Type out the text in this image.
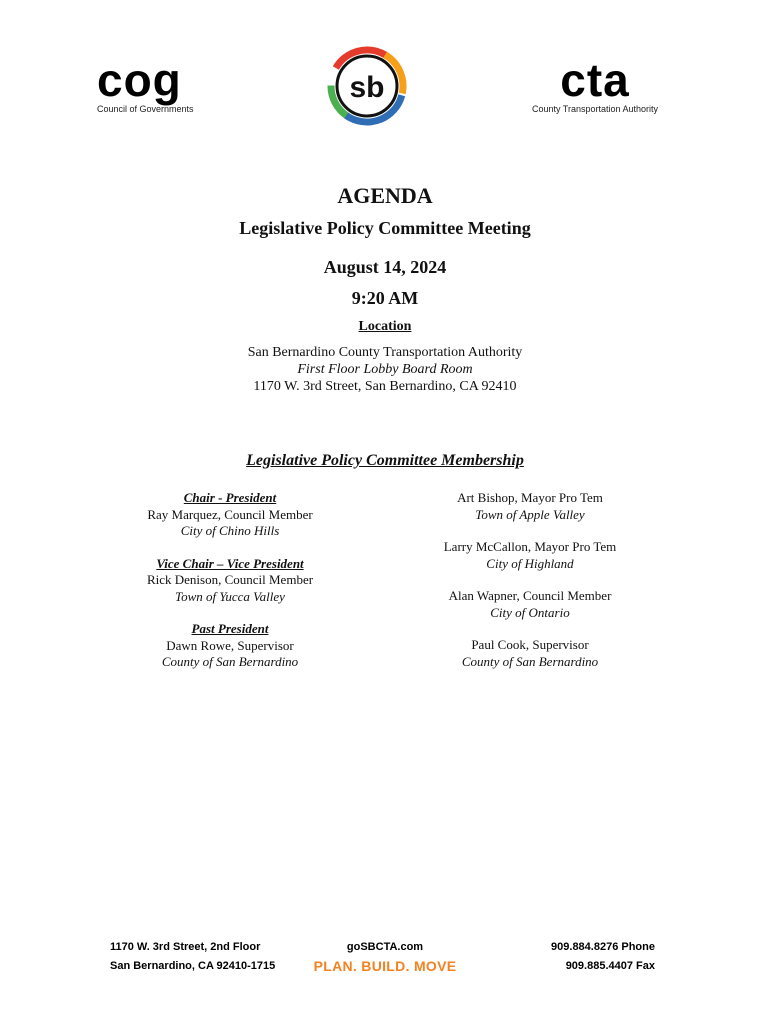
cog
Council of Governments
sb	cta
County Transportation Authority
AGENDA
Legislative Policy Committee Meeting
August 14, 2024
9:20 AM
Location
San Bernardino County Transportation Authority
First Floor Lobby Board Room
1170 W. 3rd Street, San Bernardino, CA 92410
Legislative Policy Committee Membership
Chair - President
Ray Marquez, Council Member
City of Chino Hills
Vice Chair – Vice President
Rick Denison, Council Member
Town of Yucca Valley
Past President
Dawn Rowe, Supervisor
County of San Bernardino
Art Bishop, Mayor Pro Tem
Town of Apple Valley
Larry McCallon, Mayor Pro Tem
City of Highland
Alan Wapner, Council Member
City of Ontario
Paul Cook, Supervisor
County of San Bernardino
1170 W. 3rd Street, 2nd Floor
San Bernardino, CA 92410-1715
goSBCTA.com
PLAN. BUILD. MOVE
909.884.8276 Phone
909.885.4407 Fax
